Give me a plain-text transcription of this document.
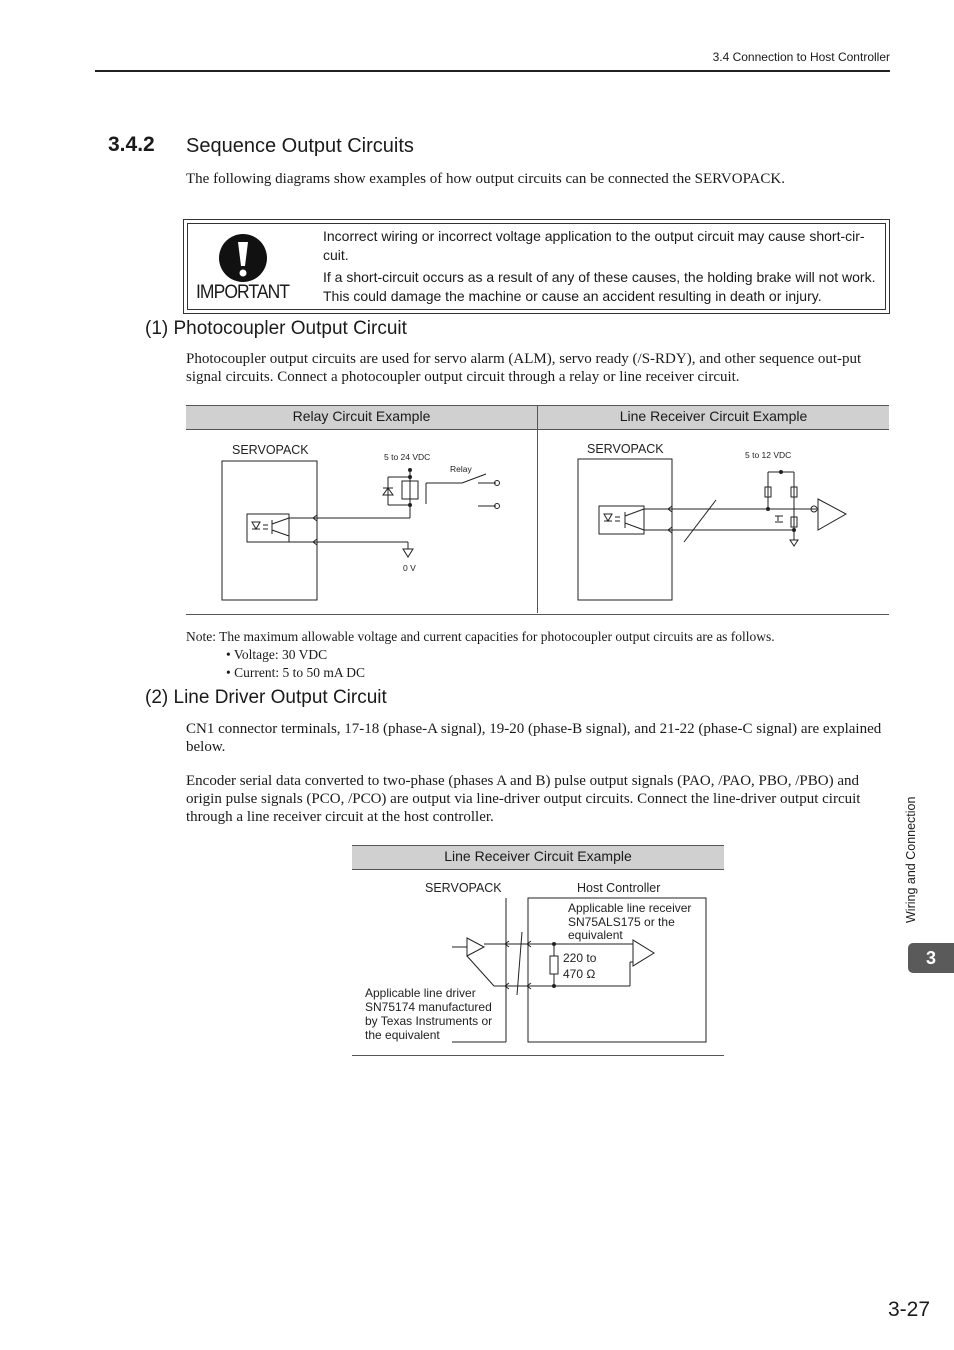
3.4 Connection to Host Controller
3.4.2 Sequence Output Circuits
The following diagrams show examples of how output circuits can be connected the SERVOPACK.
IMPORTANT

Incorrect wiring or incorrect voltage application to the output circuit may cause short-cir-cuit.

If a short-circuit occurs as a result of any of these causes, the holding brake will not work. This could damage the machine or cause an accident resulting in death or injury.

(1) Photocoupler Output Circuit
Photocoupler output circuits are used for servo alarm (ALM), servo ready (/S-RDY), and other sequence out-put signal circuits. Connect a photocoupler output circuit through a relay or line receiver circuit.
Relay Circuit Example	Line Receiver Circuit Example
SERVOPACK	5 to 24 VDC
Relay
0 V
SERVOPACK	5 to 12 VDC
Note: The maximum allowable voltage and current capacities for photocoupler output circuits are as follows.
• Voltage: 30 VDC
• Current: 5 to 50 mA DC
(2) Line Driver Output Circuit
CN1 connector terminals, 17-18 (phase-A signal), 19-20 (phase-B signal), and 21-22 (phase-C signal) are explained below.
Encoder serial data converted to two-phase (phases A and B) pulse output signals (PAO, /PAO, PBO, /PBO) and origin pulse signals (PCO, /PCO) are output via line-driver output circuits. Connect the line-driver output circuit through a line receiver circuit at the host controller.
Line Receiver Circuit Example
SERVOPACK	Host Controller
Applicable line receiver
SN75ALS175 or the
equivalent
220 to
470 Ω
Applicable line driver
SN75174 manufactured
by Texas Instruments or
the equivalent
Wiring and Connection
3
3-27
